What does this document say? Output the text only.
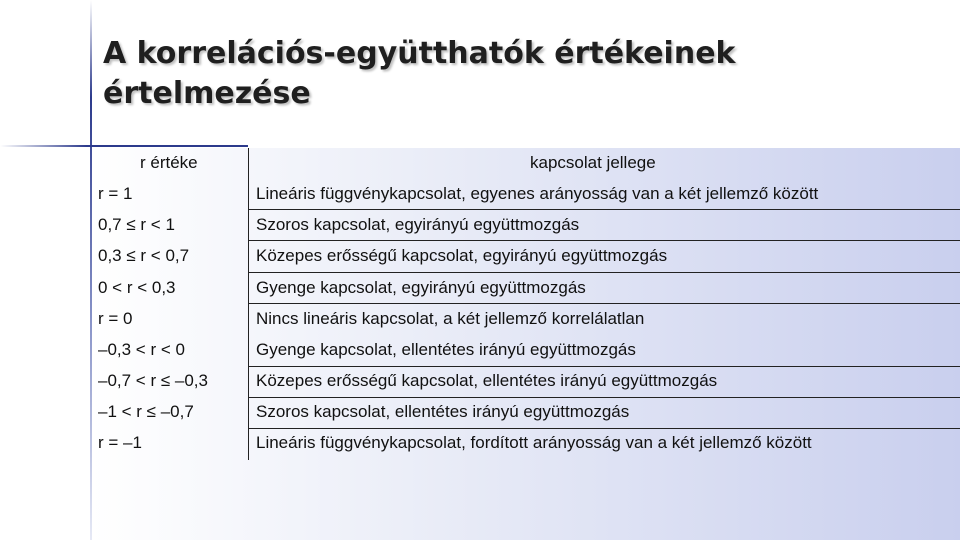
A korrelációs-együtthatók értékeinek értelmezése
r értéke	kapcsolat jellege
r = 1	Lineáris függvénykapcsolat, egyenes arányosság van a két jellemző között
0,7 ≤ r < 1	Szoros kapcsolat, egyirányú együttmozgás
0,3 ≤ r < 0,7	Közepes erősségű kapcsolat, egyirányú együttmozgás
0 < r < 0,3	Gyenge kapcsolat, egyirányú együttmozgás
r = 0	Nincs lineáris kapcsolat, a két jellemző korrelálatlan
–0,3 < r < 0	Gyenge kapcsolat, ellentétes irányú együttmozgás
–0,7 < r ≤ –0,3	Közepes erősségű kapcsolat, ellentétes irányú együttmozgás
–1 < r ≤ –0,7	Szoros kapcsolat, ellentétes irányú együttmozgás
r = –1	Lineáris függvénykapcsolat, fordított arányosság van a két jellemző között
